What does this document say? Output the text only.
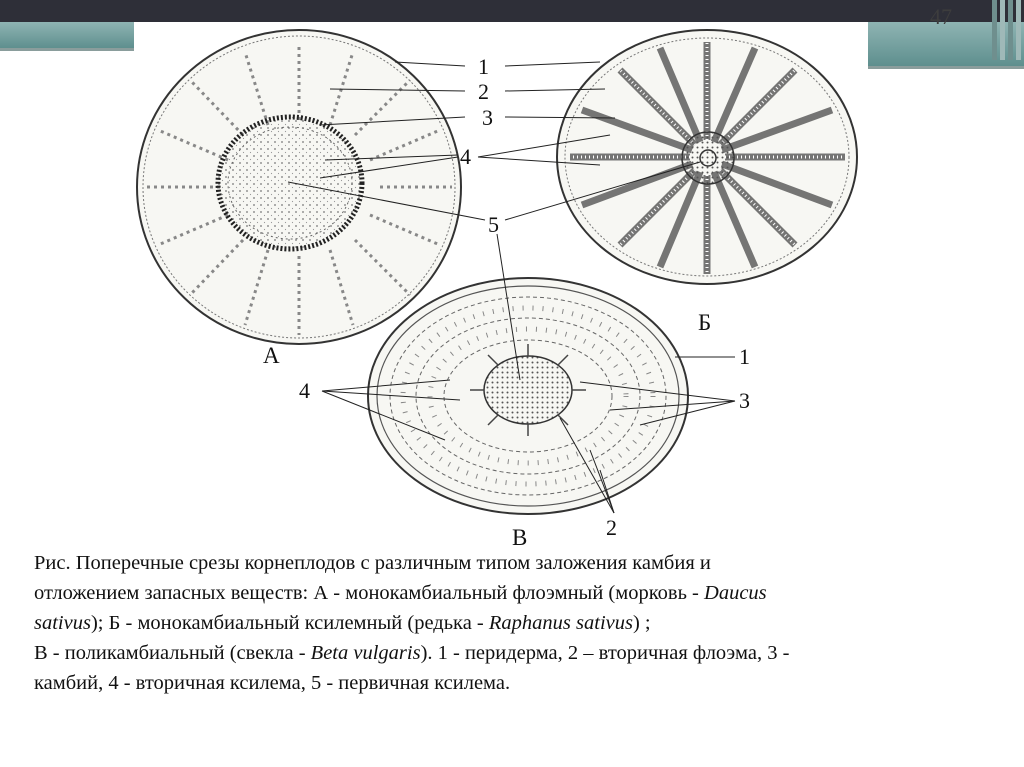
47
1
2
3
4
5
1
3
4
2
А
Б
В

Рис. Поперечные срезы корнеплодов с различным типом заложения камбия и
отложением запасных веществ: А - монокамбиальный флоэмный (морковь - Daucus
sativus); Б - монокамбиальный ксилемный (редька - Raphanus sativus) ;
В - поликамбиальный (свекла - Beta vulgaris). 1 - перидерма, 2 – вторичная флоэма, 3 -
камбий, 4 - вторичная ксилема, 5 - первичная ксилема.
